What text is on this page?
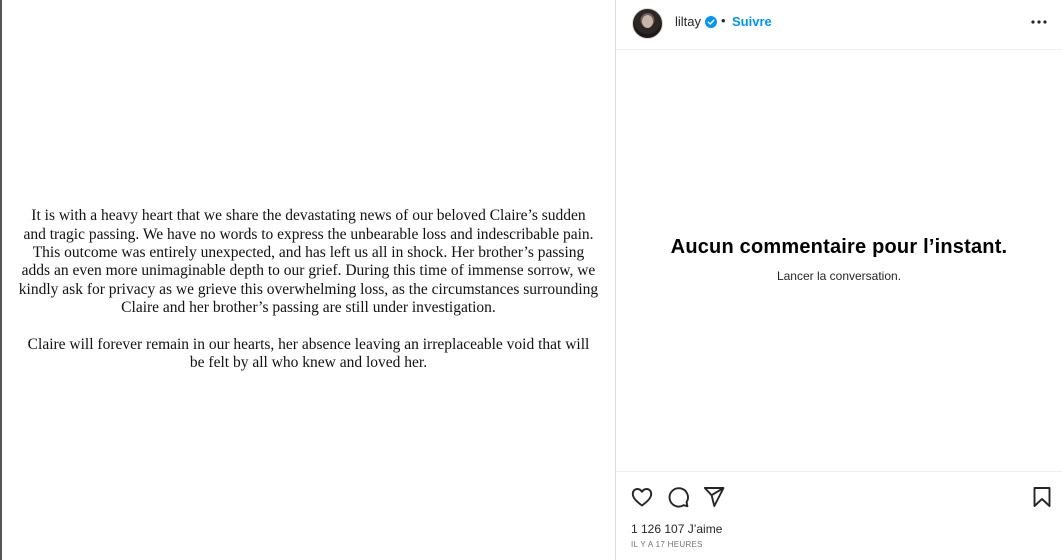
It is with a heavy heart that we share the devastating news of our beloved Claire’s sudden and tragic passing. We have no words to express the unbearable loss and indescribable pain. This outcome was entirely unexpected, and has left us all in shock. Her brother’s passing adds an even more unimaginable depth to our grief. During this time of immense sorrow, we kindly ask for privacy as we grieve this overwhelming loss, as the circumstances surrounding Claire and her brother’s passing are still under investigation.

Claire will forever remain in our hearts, her absence leaving an irreplaceable void that will be felt by all who knew and loved her.

liltay • Suivre
Aucun commentaire pour l’instant.
Lancer la conversation.
1 126 107 J’aime
IL Y A 17 HEURES
